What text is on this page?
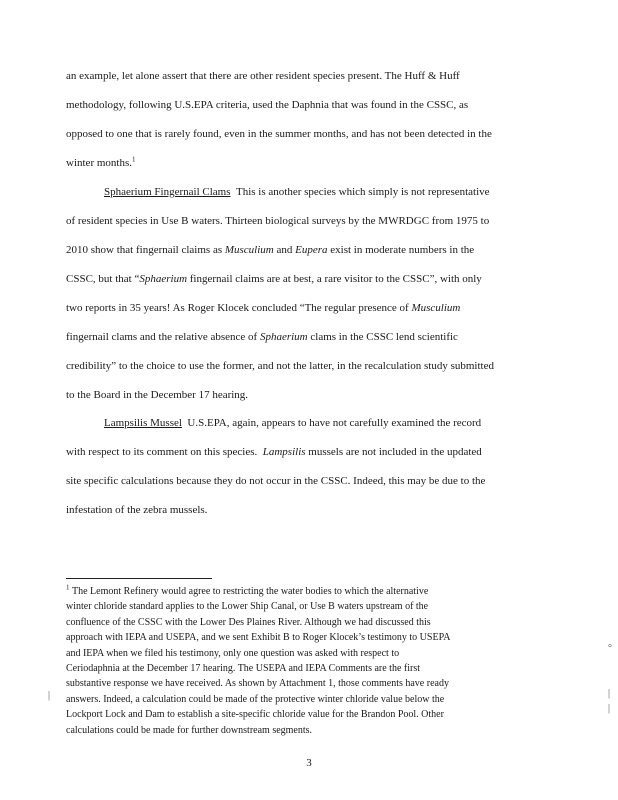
an example, let alone assert that there are other resident species present. The Huff & Huff
methodology, following U.S.EPA criteria, used the Daphnia that was found in the CSSC, as
opposed to one that is rarely found, even in the summer months, and has not been detected in the
winter months.$^1$
Sphaerium Fingernail Clams This is another species which simply is not representative
of resident species in Use B waters. Thirteen biological surveys by the MWRDGC from 1975 to
2010 show that fingernail claims as Musculium and Eupera exist in moderate numbers in the
CSSC, but that “Sphaerium fingernail claims are at best, a rare visitor to the CSSC”, with only
two reports in 35 years! As Roger Klocek concluded “The regular presence of Musculium
fingernail clams and the relative absence of Sphaerium clams in the CSSC lend scientific
credibility” to the choice to use the former, and not the latter, in the recalculation study submitted
to the Board in the December 17 hearing.
Lampsilis Mussel U.S.EPA, again, appears to have not carefully examined the record
with respect to its comment on this species. Lampsilis mussels are not included in the updated
site specific calculations because they do not occur in the CSSC. Indeed, this may be due to the
infestation of the zebra mussels.
$^1$ The Lemont Refinery would agree to restricting the water bodies to which the alternative
winter chloride standard applies to the Lower Ship Canal, or Use B waters upstream of the
confluence of the CSSC with the Lower Des Plaines River. Although we had discussed this
approach with IEPA and USEPA, and we sent Exhibit B to Roger Klocek’s testimony to USEPA
and IEPA when we filed his testimony, only one question was asked with respect to
Ceriodaphnia at the December 17 hearing. The USEPA and IEPA Comments are the first
substantive response we have received. As shown by Attachment 1, those comments have ready
answers. Indeed, a calculation could be made of the protective winter chloride value below the
Lockport Lock and Dam to establish a site-specific chloride value for the Brandon Pool. Other
calculations could be made for further downstream segments.
°
|
|
|
3
